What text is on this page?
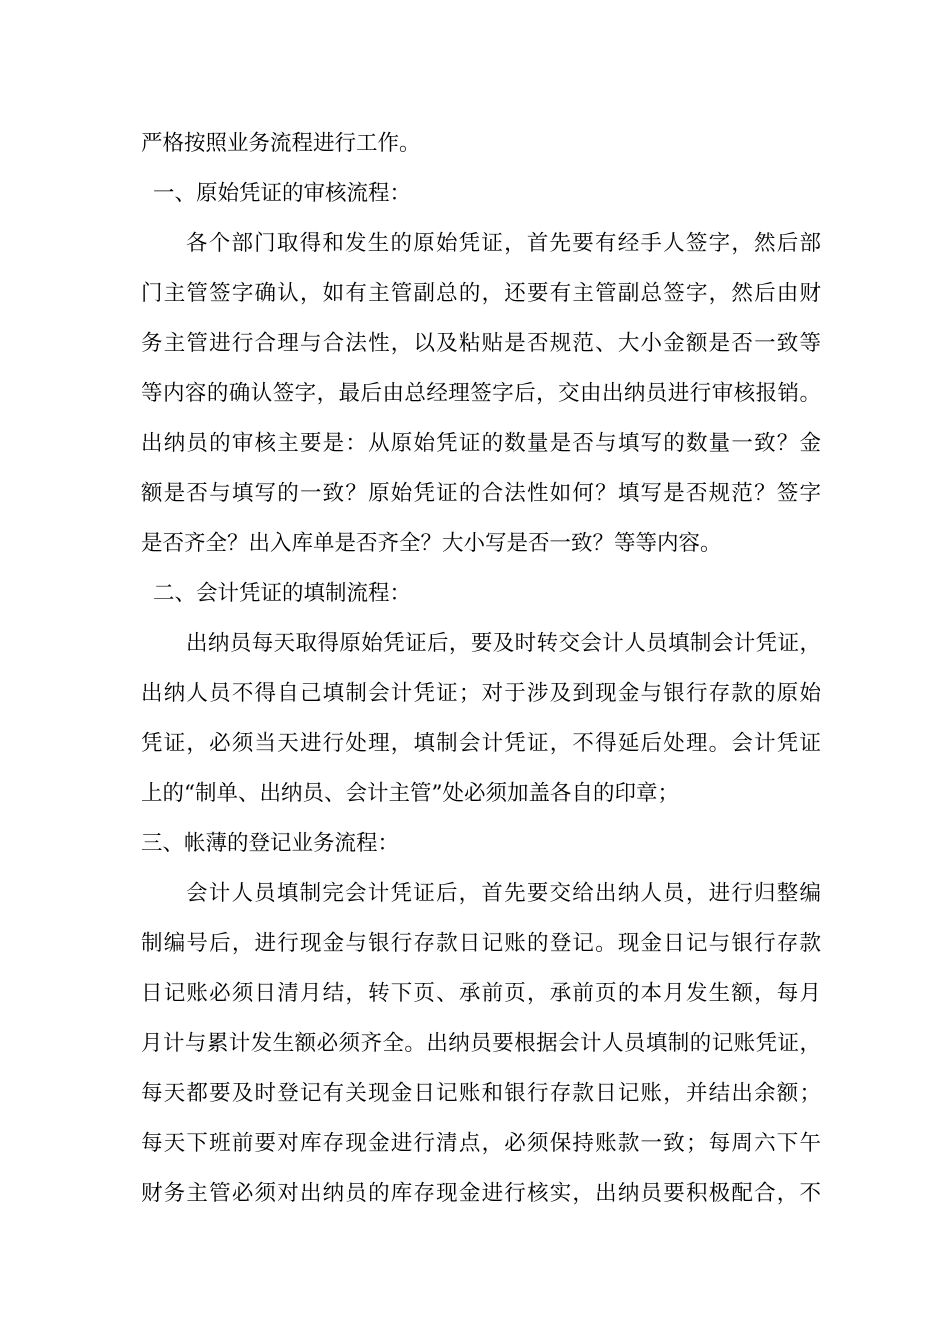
严格按照业务流程进行工作。
一、原始凭证的审核流程：
各个部门取得和发生的原始凭证，首先要有经手人签字，然后部
门主管签字确认，如有主管副总的，还要有主管副总签字，然后由财
务主管进行合理与合法性，以及粘贴是否规范、大小金额是否一致等
等内容的确认签字，最后由总经理签字后，交由出纳员进行审核报销。
出纳员的审核主要是：从原始凭证的数量是否与填写的数量一致？金
额是否与填写的一致？原始凭证的合法性如何？填写是否规范？签字
是否齐全？出入库单是否齐全？大小写是否一致？等等内容。
二、会计凭证的填制流程：
出纳员每天取得原始凭证后，要及时转交会计人员填制会计凭证，
出纳人员不得自己填制会计凭证；对于涉及到现金与银行存款的原始
凭证，必须当天进行处理，填制会计凭证，不得延后处理。会计凭证
上的“制单、出纳员、会计主管”处必须加盖各自的印章；
三、帐薄的登记业务流程：
会计人员填制完会计凭证后，首先要交给出纳人员，进行归整编
制编号后，进行现金与银行存款日记账的登记。现金日记与银行存款
日记账必须日清月结，转下页、承前页，承前页的本月发生额，每月
月计与累计发生额必须齐全。出纳员要根据会计人员填制的记账凭证，
每天都要及时登记有关现金日记账和银行存款日记账，并结出余额；
每天下班前要对库存现金进行清点，必须保持账款一致；每周六下午
财务主管必须对出纳员的库存现金进行核实，出纳员要积极配合，不
